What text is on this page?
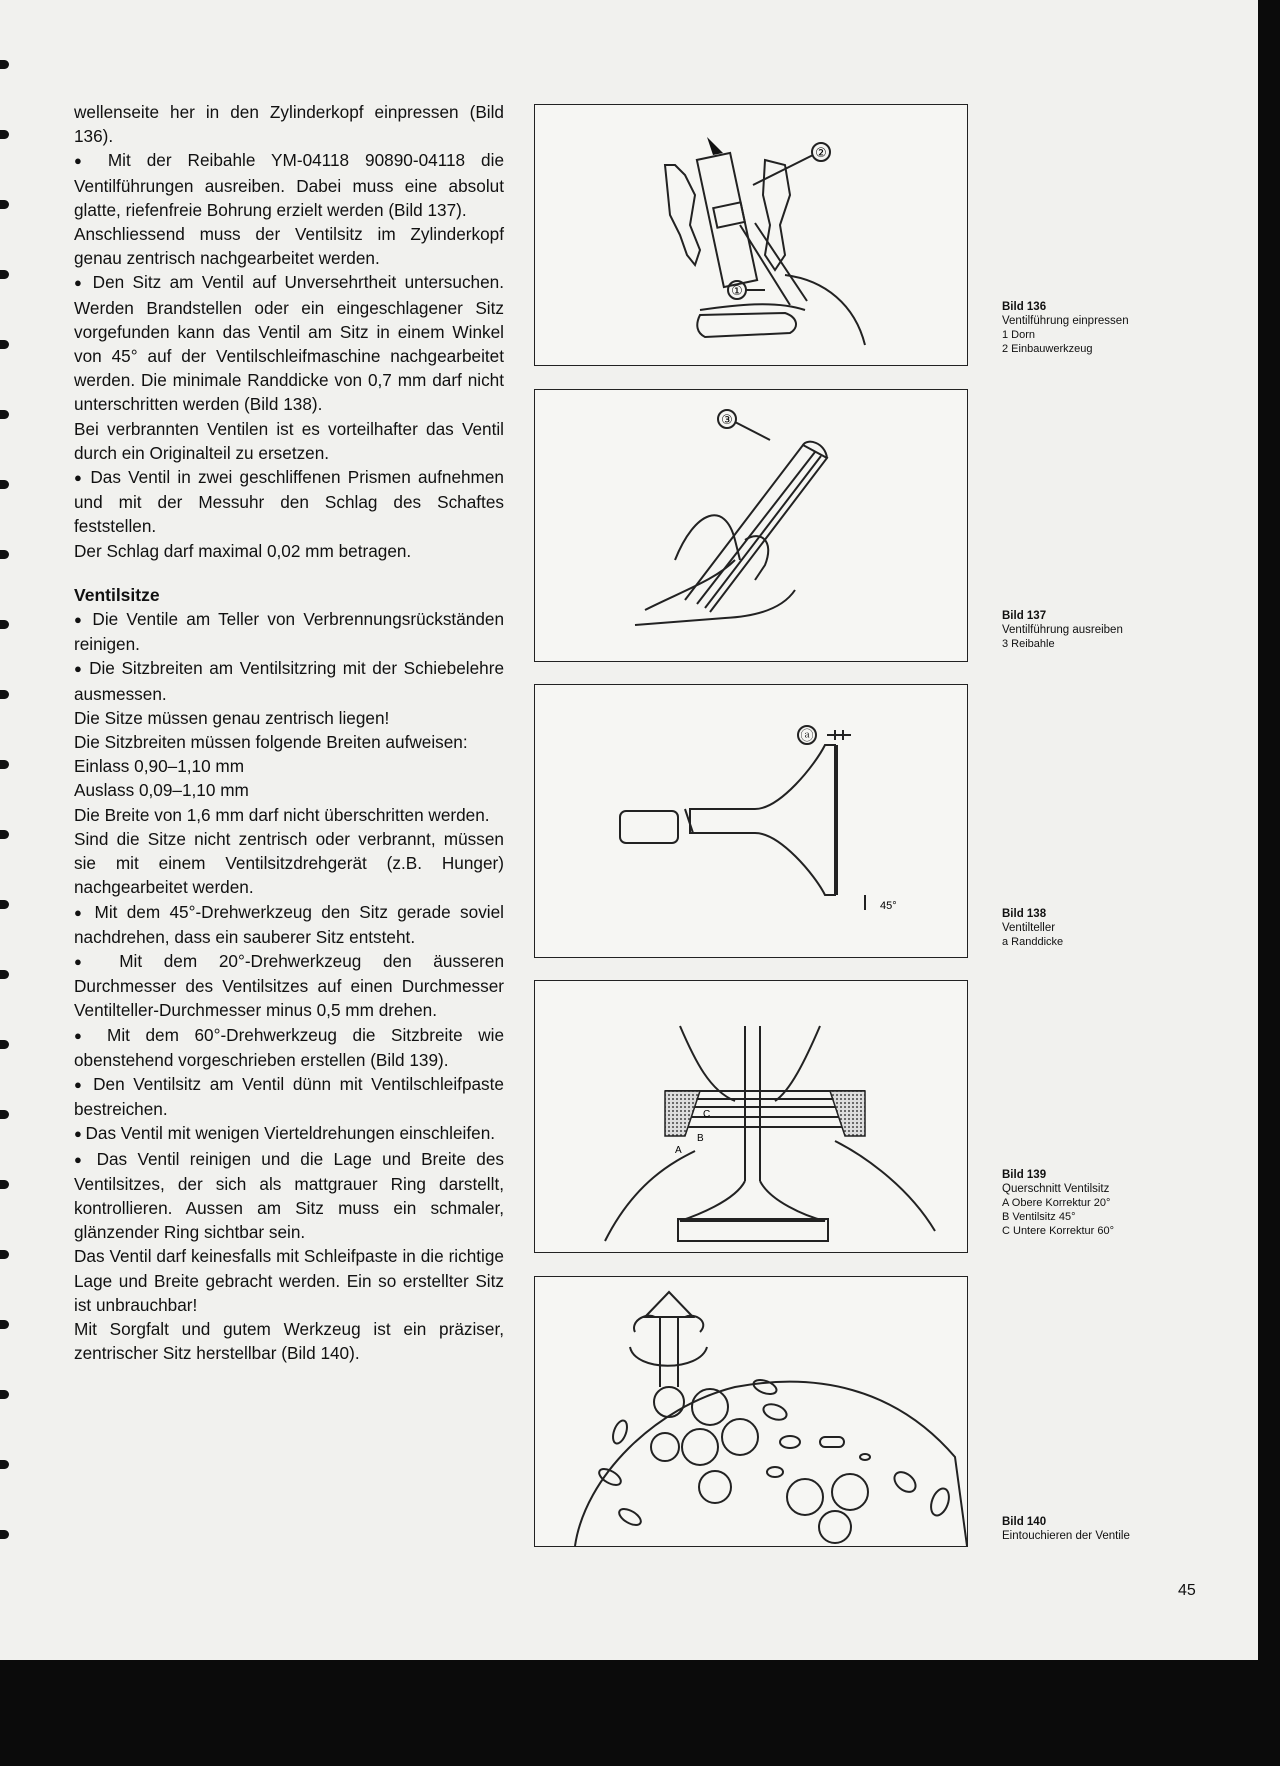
wellenseite her in den Zylinderkopf einpressen (Bild 136).

● Mit der Reibahle YM-04118 90890-04118 die Ventilführungen ausreiben. Dabei muss eine absolut glatte, riefenfreie Bohrung erzielt werden (Bild 137).

Anschliessend muss der Ventilsitz im Zylinderkopf genau zentrisch nachgearbeitet werden.

● Den Sitz am Ventil auf Unversehrtheit untersuchen. Werden Brandstellen oder ein eingeschlagener Sitz vorgefunden kann das Ventil am Sitz in einem Winkel von 45° auf der Ventilschleifmaschine nachgearbeitet werden. Die minimale Randdicke von 0,7 mm darf nicht unterschritten werden (Bild 138).

Bei verbrannten Ventilen ist es vorteilhafter das Ventil durch ein Originalteil zu ersetzen.

● Das Ventil in zwei geschliffenen Prismen aufnehmen und mit der Messuhr den Schlag des Schaftes feststellen.

Der Schlag darf maximal 0,02 mm betragen.

Ventilsitze

● Die Ventile am Teller von Verbrennungsrückständen reinigen.

● Die Sitzbreiten am Ventilsitzring mit der Schiebelehre ausmessen.

Die Sitze müssen genau zentrisch liegen!

Die Sitzbreiten müssen folgende Breiten aufweisen:

Einlass 0,90–1,10 mm

Auslass 0,09–1,10 mm

Die Breite von 1,6 mm darf nicht überschritten werden.

Sind die Sitze nicht zentrisch oder verbrannt, müssen sie mit einem Ventilsitzdrehgerät (z.B. Hunger) nachgearbeitet werden.

● Mit dem 45°-Drehwerkzeug den Sitz gerade soviel nachdrehen, dass ein sauberer Sitz entsteht.

● Mit dem 20°-Drehwerkzeug den äusseren Durchmesser des Ventilsitzes auf einen Durchmesser Ventilteller-Durchmesser minus 0,5 mm drehen.

● Mit dem 60°-Drehwerkzeug die Sitzbreite wie obenstehend vorgeschrieben erstellen (Bild 139).

● Den Ventilsitz am Ventil dünn mit Ventilschleifpaste bestreichen.

● Das Ventil mit wenigen Vierteldrehungen einschleifen.

● Das Ventil reinigen und die Lage und Breite des Ventilsitzes, der sich als mattgrauer Ring darstellt, kontrollieren. Aussen am Sitz muss ein schmaler, glänzender Ring sichtbar sein.

Das Ventil darf keinesfalls mit Schleifpaste in die richtige Lage und Breite gebracht werden. Ein so erstellter Sitz ist unbrauchbar!

Mit Sorgfalt und gutem Werkzeug ist ein präziser, zentrischer Sitz herstellbar (Bild 140).

②
①
Bild 136
Ventilführung einpressen
1 Dorn
2 Einbauwerkzeug
③
Bild 137
Ventilführung ausreiben
3 Reibahle
ⓐ
45°
Bild 138
Ventilteller
a Randdicke
C
B
A
Bild 139
Querschnitt Ventilsitz
A Obere Korrektur 20°
B Ventilsitz 45°
C Untere Korrektur 60°
Bild 140
Eintouchieren der Ventile
45
